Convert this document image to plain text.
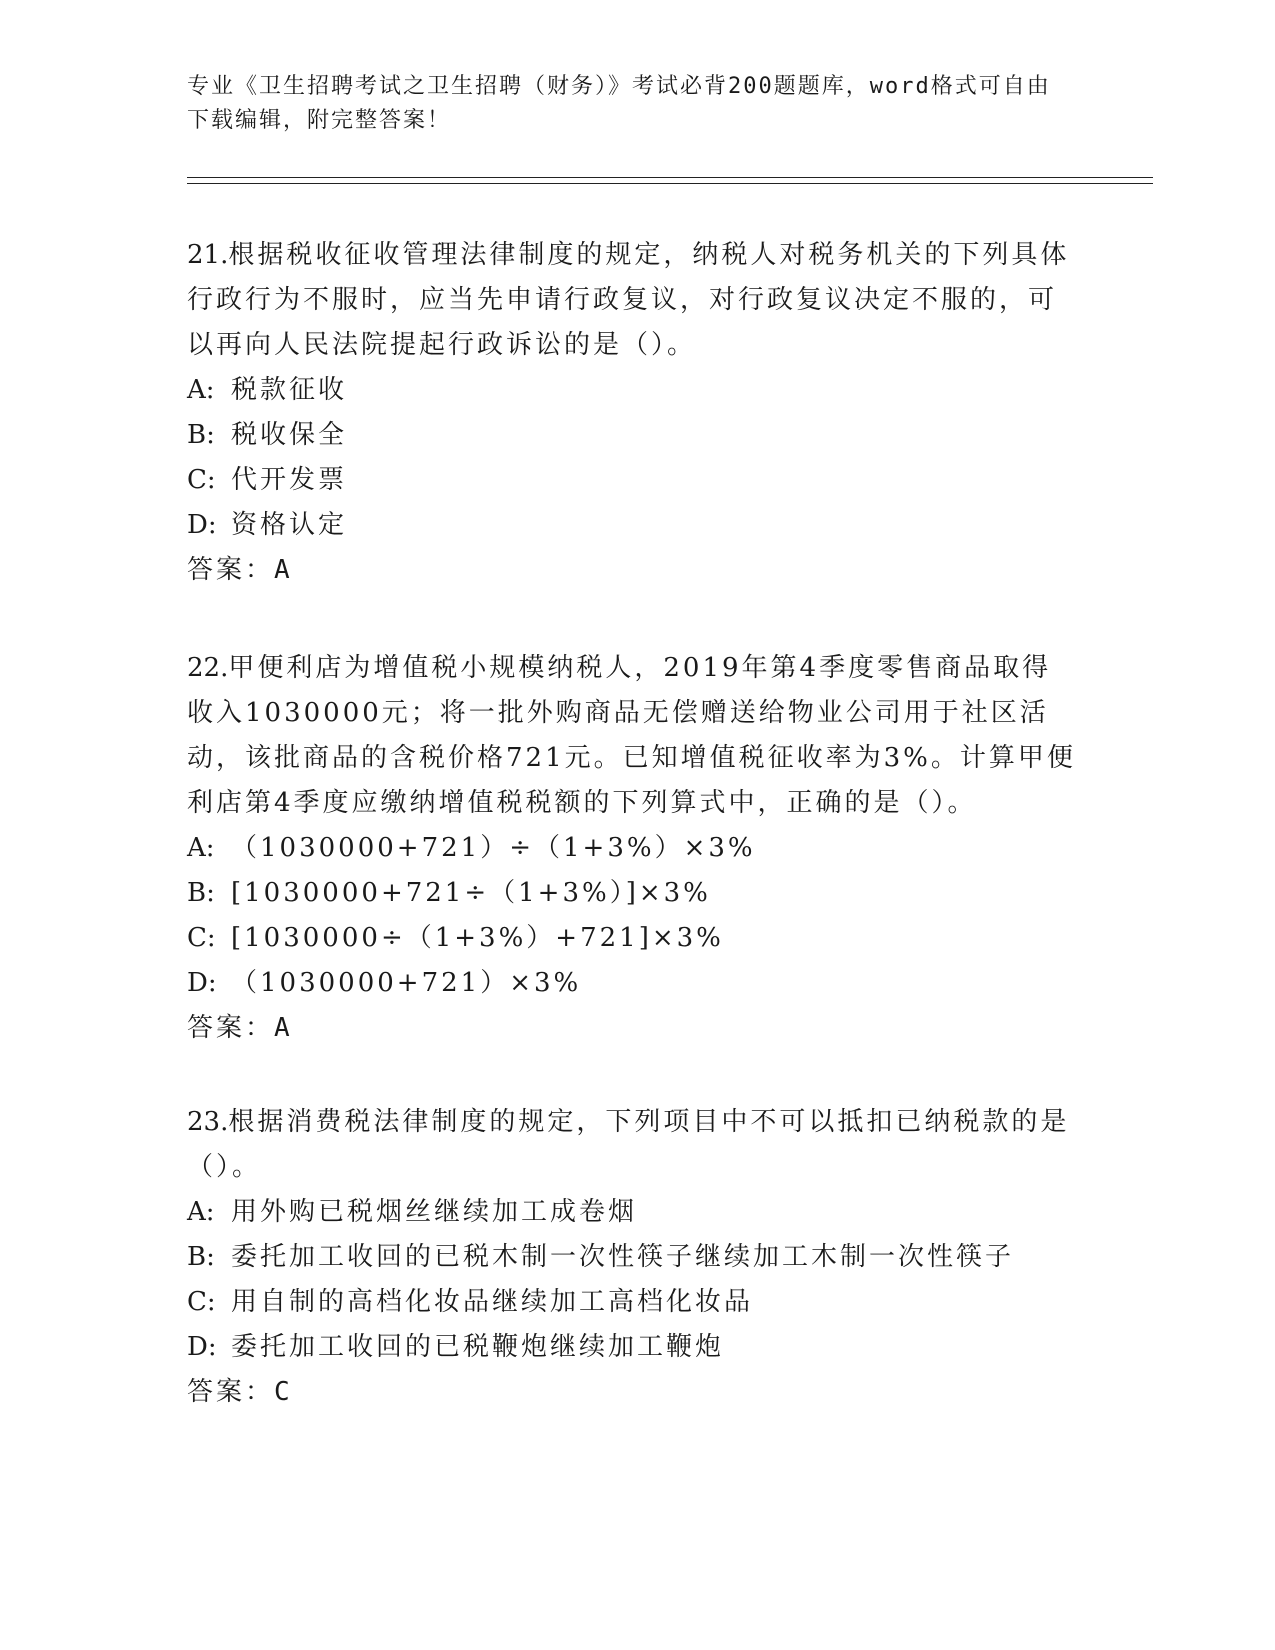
专业《卫生招聘考试之卫生招聘（财务）》考试必背200题题库，word格式可自由下载编辑，附完整答案！

21.根据税收征收管理法律制度的规定，纳税人对税务机关的下列具体行政行为不服时，应当先申请行政复议，对行政复议决定不服的，可以再向人民法院提起行政诉讼的是（）。

A: 税款征收

B: 税收保全

C: 代开发票

D: 资格认定

答案：A

22.甲便利店为增值税小规模纳税人，2019年第4季度零售商品取得收入1030000元；将一批外购商品无偿赠送给物业公司用于社区活动，该批商品的含税价格721元。已知增值税征收率为3%。计算甲便利店第4季度应缴纳增值税税额的下列算式中，正确的是（）。

A: （1030000+721）÷（1+3%）×3%

B: [1030000+721÷（1+3%）]×3%

C: [1030000÷（1+3%）+721]×3%

D: （1030000+721）×3%

答案：A

23.根据消费税法律制度的规定，下列项目中不可以抵扣已纳税款的是（）。

A: 用外购已税烟丝继续加工成卷烟

B: 委托加工收回的已税木制一次性筷子继续加工木制一次性筷子

C: 用自制的高档化妆品继续加工高档化妆品

D: 委托加工收回的已税鞭炮继续加工鞭炮

答案：C
